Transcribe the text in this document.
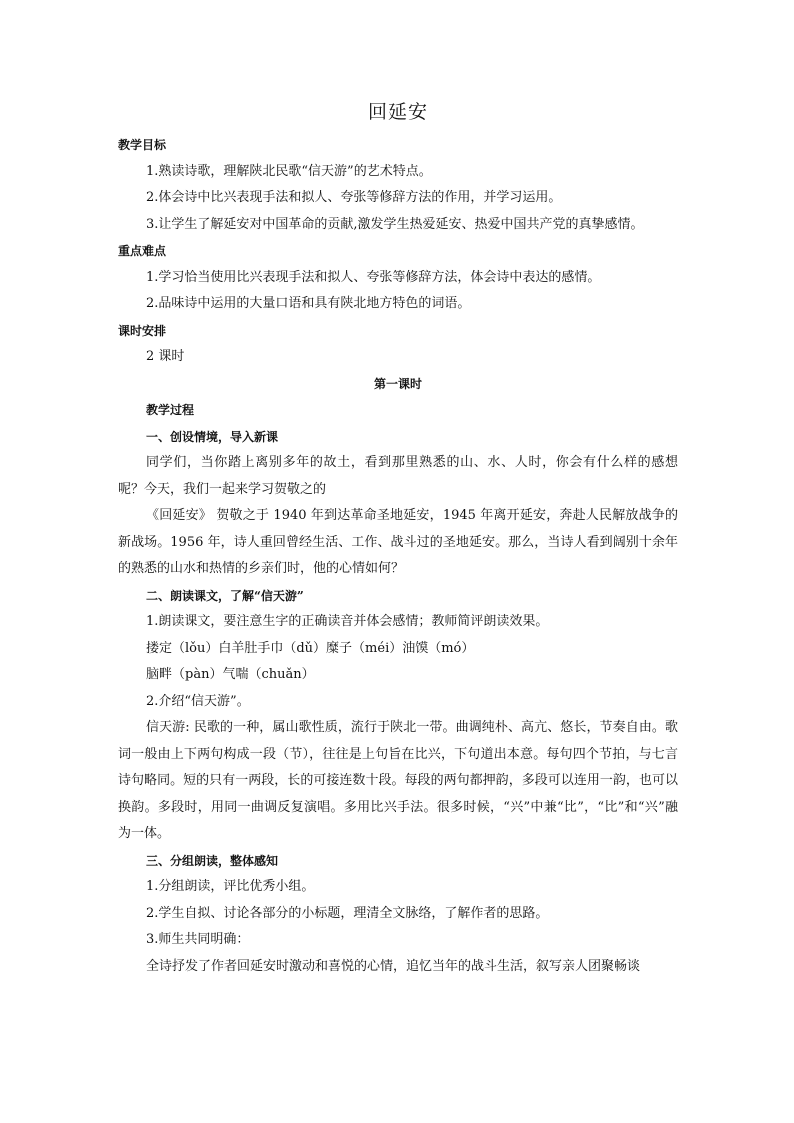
回延安
教学目标
1.熟读诗歌，理解陕北民歌“信天游”的艺术特点。
2.体会诗中比兴表现手法和拟人、夸张等修辞方法的作用，并学习运用。
3.让学生了解延安对中国革命的贡献,激发学生热爱延安、热爱中国共产党的真挚感情。
重点难点
1.学习恰当使用比兴表现手法和拟人、夸张等修辞方法，体会诗中表达的感情。
2.品味诗中运用的大量口语和具有陕北地方特色的词语。
课时安排
2 课时
第一课时
教学过程
一、创设情境，导入新课

同学们，当你踏上离别多年的故土，看到那里熟悉的山、水、人时，你会有什么样的感想呢？今天，我们一起来学习贺敬之的

《回延安》 贺敬之于 1940 年到达革命圣地延安，1945 年离开延安，奔赴人民解放战争的新战场。1956 年，诗人重回曾经生活、工作、战斗过的圣地延安。那么，当诗人看到阔别十余年的熟悉的山水和热情的乡亲们时，他的心情如何？

二、朗读课文，了解“信天游”
1.朗读课文，要注意生字的正确读音并体会感情；教师简评朗读效果。
搂定（lǒu）白羊肚手巾（dǔ）糜子（méi）油馍（mó）
脑畔（pàn）气喘（chuǎn）
2.介绍“信天游”。

信天游: 民歌的一种，属山歌性质，流行于陕北一带。曲调纯朴、高亢、悠长，节奏自由。歌词一般由上下两句构成一段（节），往往是上句旨在比兴，下句道出本意。每句四个节拍，与七言诗句略同。短的只有一两段，长的可接连数十段。每段的两句都押韵，多段可以连用一韵，也可以换韵。多段时，用同一曲调反复演唱。多用比兴手法。很多时候，“兴”中兼“比”，“比”和“兴”融为一体。

三、分组朗读，整体感知
1.分组朗读，评比优秀小组。
2.学生自拟、讨论各部分的小标题，理清全文脉络，了解作者的思路。
3.师生共同明确：
全诗抒发了作者回延安时激动和喜悦的心情，追忆当年的战斗生活，叙写亲人团聚畅谈
